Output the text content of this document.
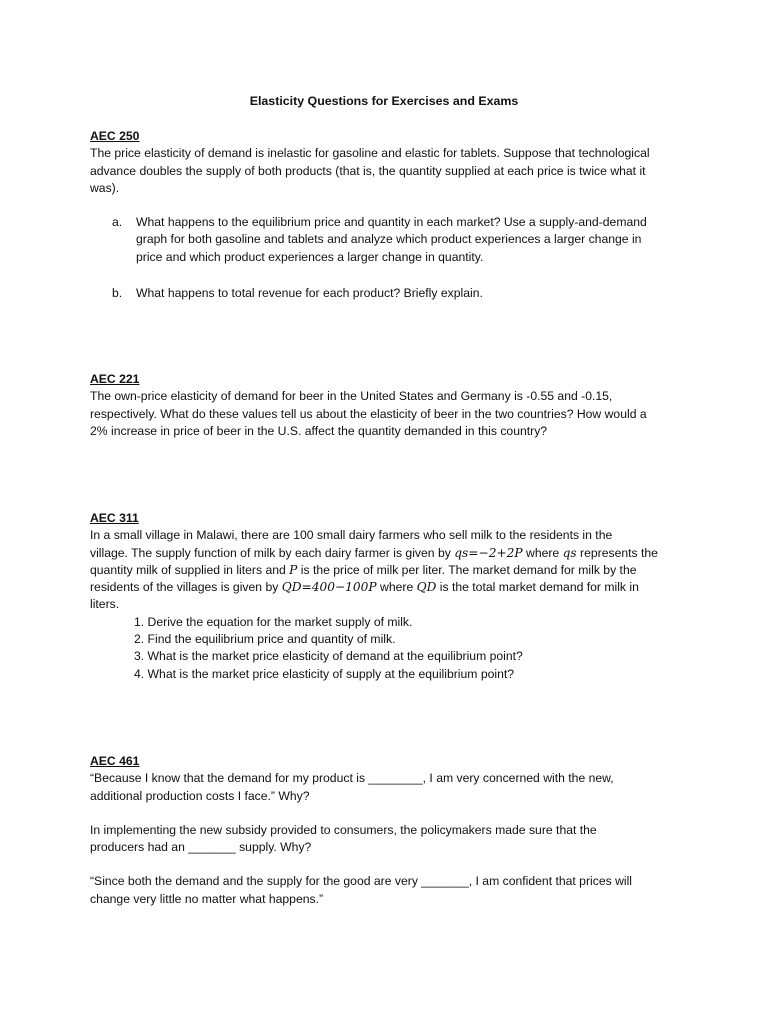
Elasticity Questions for Exercises and Exams
AEC 250
The price elasticity of demand is inelastic for gasoline and elastic for tablets. Suppose that technological
advance doubles the supply of both products (that is, the quantity supplied at each price is twice what it
was).
a. What happens to the equilibrium price and quantity in each market? Use a supply-and-demand
graph for both gasoline and tablets and analyze which product experiences a larger change in
price and which product experiences a larger change in quantity.
b. What happens to total revenue for each product? Briefly explain.
AEC 221
The own-price elasticity of demand for beer in the United States and Germany is -0.55 and -0.15,
respectively. What do these values tell us about the elasticity of beer in the two countries? How would a
2% increase in price of beer in the U.S. affect the quantity demanded in this country?
AEC 311
In a small village in Malawi, there are 100 small dairy farmers who sell milk to the residents in the
village. The supply function of milk by each dairy farmer is given by qs=−2+2P where qs represents the
quantity milk of supplied in liters and P is the price of milk per liter. The market demand for milk by the
residents of the villages is given by QD=400−100P where QD is the total market demand for milk in
liters.
1. Derive the equation for the market supply of milk.
2. Find the equilibrium price and quantity of milk.
3. What is the market price elasticity of demand at the equilibrium point?
4. What is the market price elasticity of supply at the equilibrium point?
AEC 461
“Because I know that the demand for my product is ________, I am very concerned with the new,
additional production costs I face.” Why?
In implementing the new subsidy provided to consumers, the policymakers made sure that the
producers had an _______ supply. Why?
“Since both the demand and the supply for the good are very _______, I am confident that prices will
change very little no matter what happens.”
